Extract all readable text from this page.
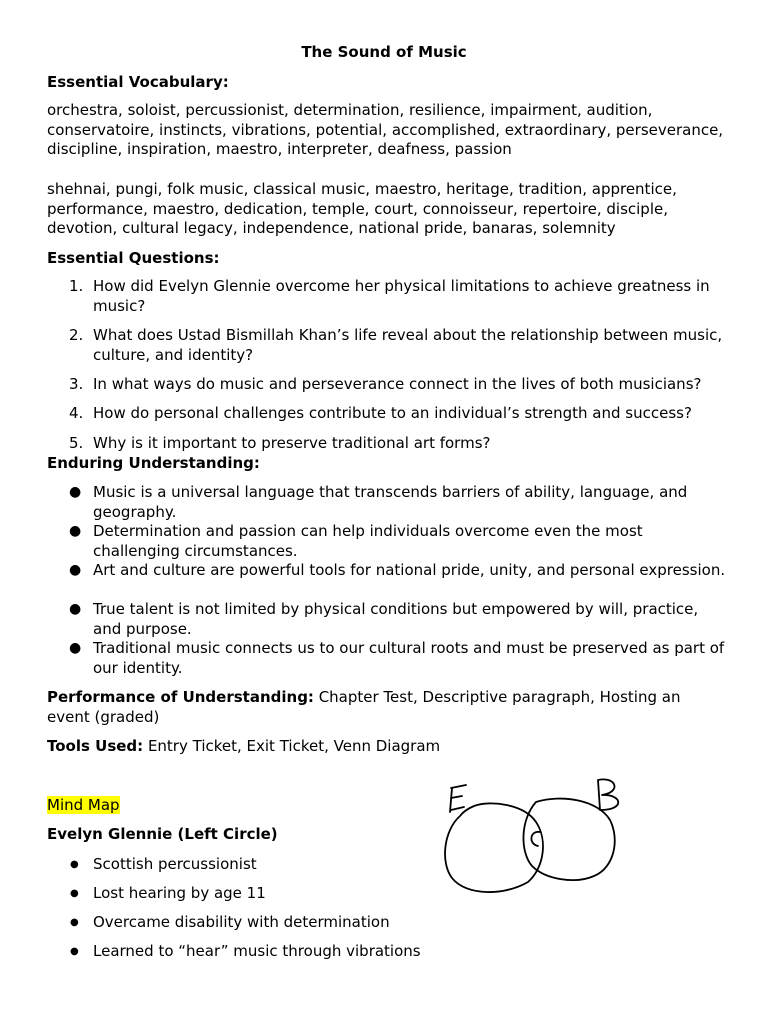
The Sound of Music
Essential Vocabulary:
orchestra, soloist, percussionist, determination, resilience, impairment, audition, conservatoire, instincts, vibrations, potential, accomplished, extraordinary, perseverance, discipline, inspiration, maestro, interpreter, deafness, passion
shehnai, pungi, folk music, classical music, maestro, heritage, tradition, apprentice, performance, maestro, dedication, temple, court, connoisseur, repertoire, disciple, devotion, cultural legacy, independence, national pride, banaras, solemnity
Essential Questions:
1. How did Evelyn Glennie overcome her physical limitations to achieve greatness in music?
2. What does Ustad Bismillah Khan’s life reveal about the relationship between music, culture, and identity?
3. In what ways do music and perseverance connect in the lives of both musicians?
4. How do personal challenges contribute to an individual’s strength and success?
5. Why is it important to preserve traditional art forms?
Enduring Understanding:
● Music is a universal language that transcends barriers of ability, language, and geography.
● Determination and passion can help individuals overcome even the most challenging circumstances.
● Art and culture are powerful tools for national pride, unity, and personal expression.
● True talent is not limited by physical conditions but empowered by will, practice, and purpose.
● Traditional music connects us to our cultural roots and must be preserved as part of our identity.
Performance of Understanding: Chapter Test, Descriptive paragraph, Hosting an event (graded)
Tools Used: Entry Ticket, Exit Ticket, Venn Diagram
Mind Map
Evelyn Glennie (Left Circle)
● Scottish percussionist
● Lost hearing by age 11
● Overcame disability with determination
● Learned to “hear” music through vibrations
